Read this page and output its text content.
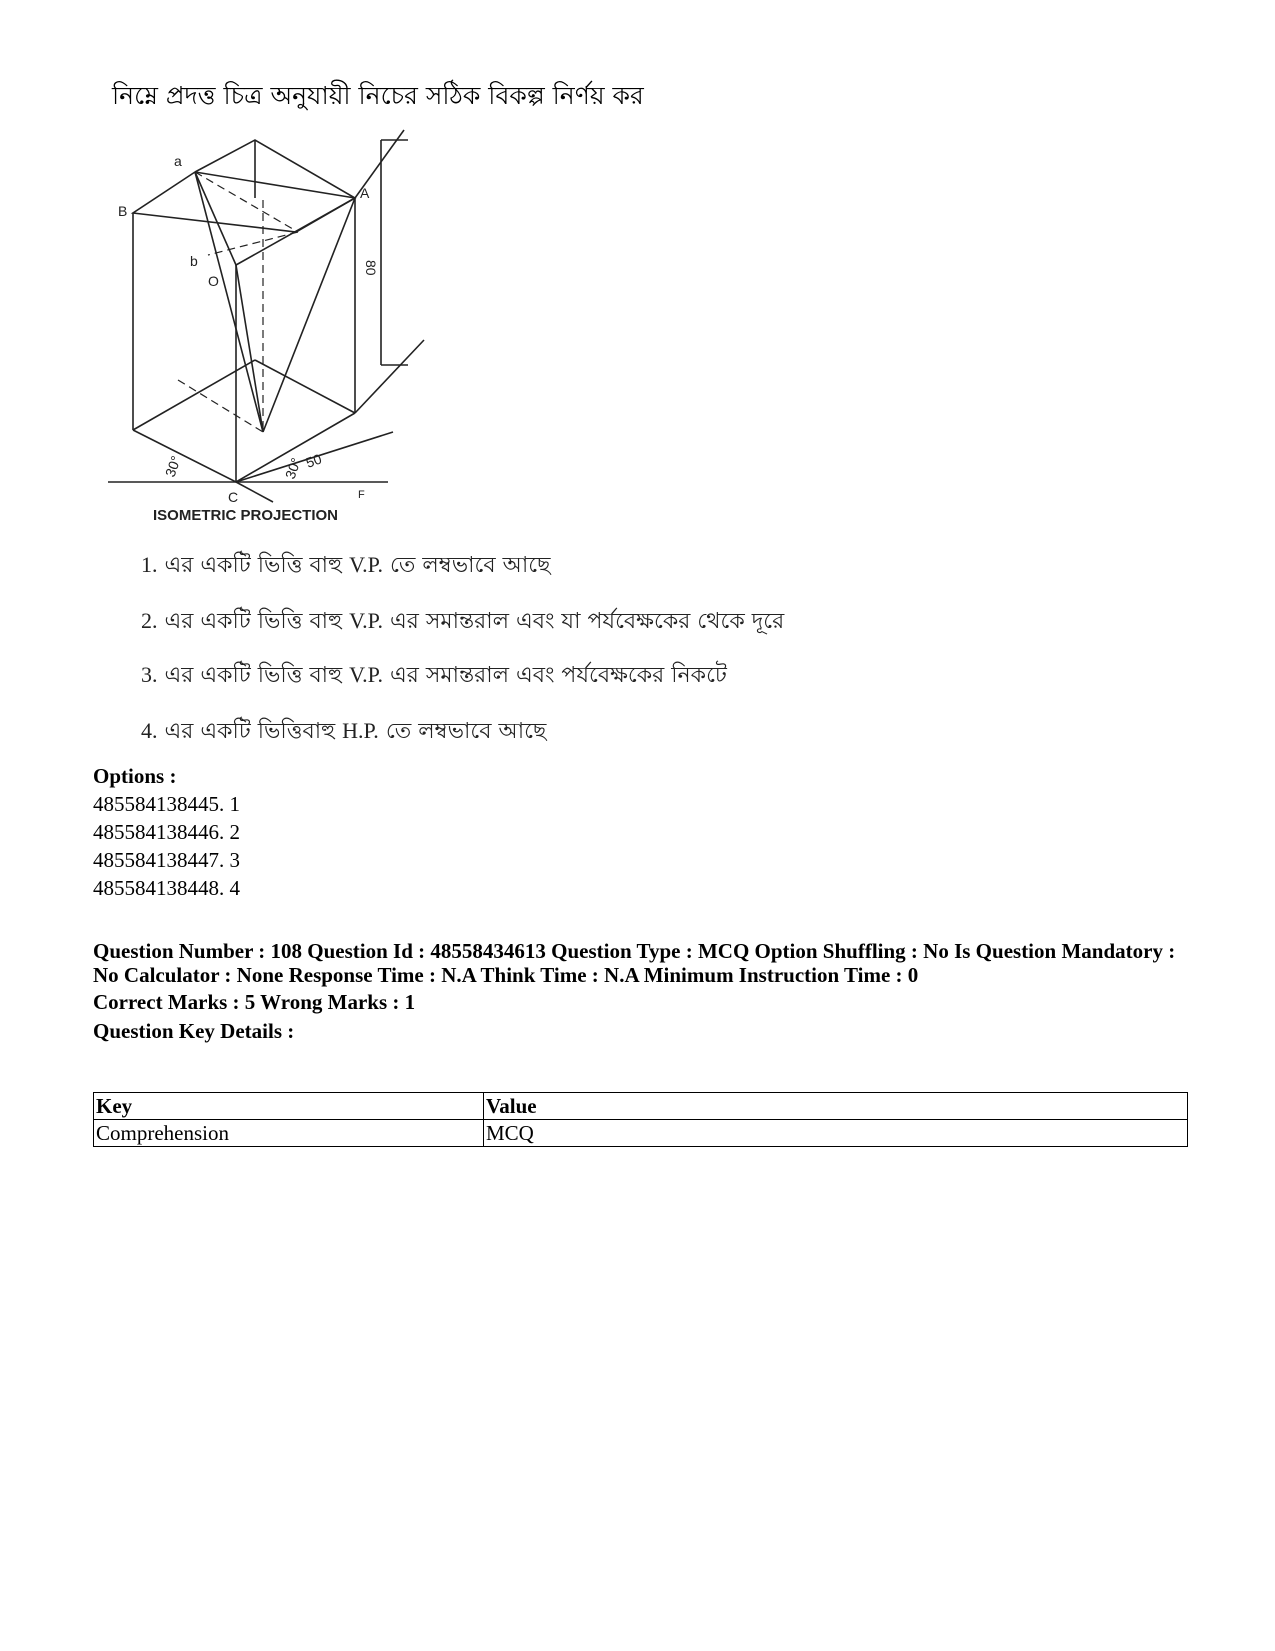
নিম্নে প্রদত্ত চিত্র অনুযায়ী নিচের সঠিক বিকল্প নির্ণয় কর
a
B
A
b
O
C	F
80
50
30°	30°
ISOMETRIC PROJECTION
1. এর একটি ভিত্তি বাহু V.P. তে লম্বভাবে আছে
2. এর একটি ভিত্তি বাহু V.P. এর সমান্তরাল এবং যা পর্যবেক্ষকের থেকে দূরে
3. এর একটি ভিত্তি বাহু V.P. এর সমান্তরাল এবং পর্যবেক্ষকের নিকটে
4. এর একটি ভিত্তিবাহু H.P. তে লম্বভাবে আছে
Options :
485584138445. 1
485584138446. 2
485584138447. 3
485584138448. 4
Question Number : 108 Question Id : 48558434613 Question Type : MCQ Option Shuffling : No Is Question Mandatory :
No Calculator : None Response Time : N.A Think Time : N.A Minimum Instruction Time : 0
Correct Marks : 5 Wrong Marks : 1
Question Key Details :
Key	Value
Comprehension	MCQ
